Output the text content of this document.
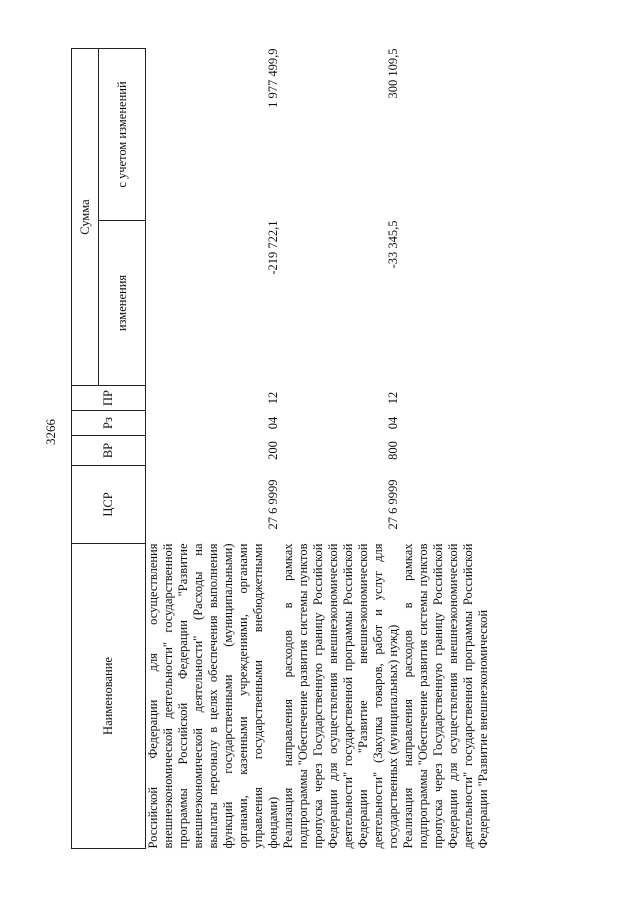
3266
Наименование	ЦСР	ВР	Рз	ПР	Сумма	
					изменения	с учетом изменений
Российской Федерации для осуществления внешнеэкономической деятельности" государственной программы Российской Федерации "Развитие внешнеэкономической деятельности" (Расходы на выплаты персоналу в целях обеспечения выполнения функций государственными (муниципальными) органами, казенными учреждениями, органами управления государственными внебюджетными фондами)	27 6 9999	200	04	12	-219 722,1	1 977 499,9
Реализация направления расходов в рамках подпрограммы "Обеспечение развития системы пунктов пропуска через Государственную границу Российской Федерации для осуществления внешнеэкономической деятельности" государственной программы Российской Федерации "Развитие внешнеэкономической деятельности" (Закупка товаров, работ и услуг для государственных (муниципальных) нужд)	27 6 9999	800	04	12	-33 345,5	300 109,5
Реализация направления расходов в рамках подпрограммы "Обеспечение развития системы пунктов пропуска через Государственную границу Российской Федерации для осуществления внешнеэкономической деятельности" государственной программы Российской Федерации "Развитие внешнеэкономической						
